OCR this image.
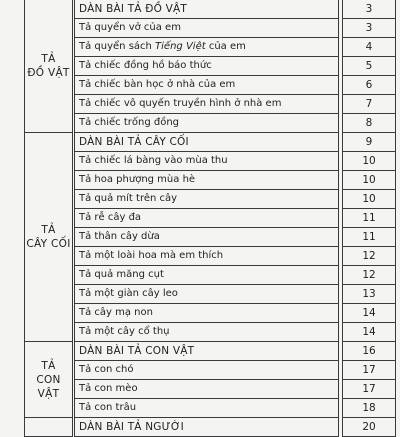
TẢ
ĐỒ VẬT		DÀN BÀI TẢ ĐỒ VẬT		3
		Tả quyển vở của em		3
		Tả quyển sách Tiếng Việt của em		4
		Tả chiếc đồng hồ báo thức		5
		Tả chiếc bàn học ở nhà của em		6
		Tả chiếc vô quyến truyền hình ở nhà em		7
		Tả chiếc trống đồng		8

TẢ
CÂY CỐI		DÀN BÀI TẢ CÂY CỐI		9
		Tả chiếc lá bàng vào mùa thu		10
		Tả hoa phượng mùa hè		10
		Tả quả mít trên cây		10
		Tả rễ cây đa		11
		Tả thân cây dừa		11
		Tả một loài hoa mà em thích		12
		Tả quả măng cụt		12
		Tả một giàn cây leo		13
		Tả cây mạ non		14
		Tả một cây cổ thụ		14

TẢ
CON VẬT		DÀN BÀI TẢ CON VẬT		16
		Tả con chó		17
		Tả con mèo		17
		Tả con trâu		18
		DÀN BÀI TẢ NGƯỜI		20
